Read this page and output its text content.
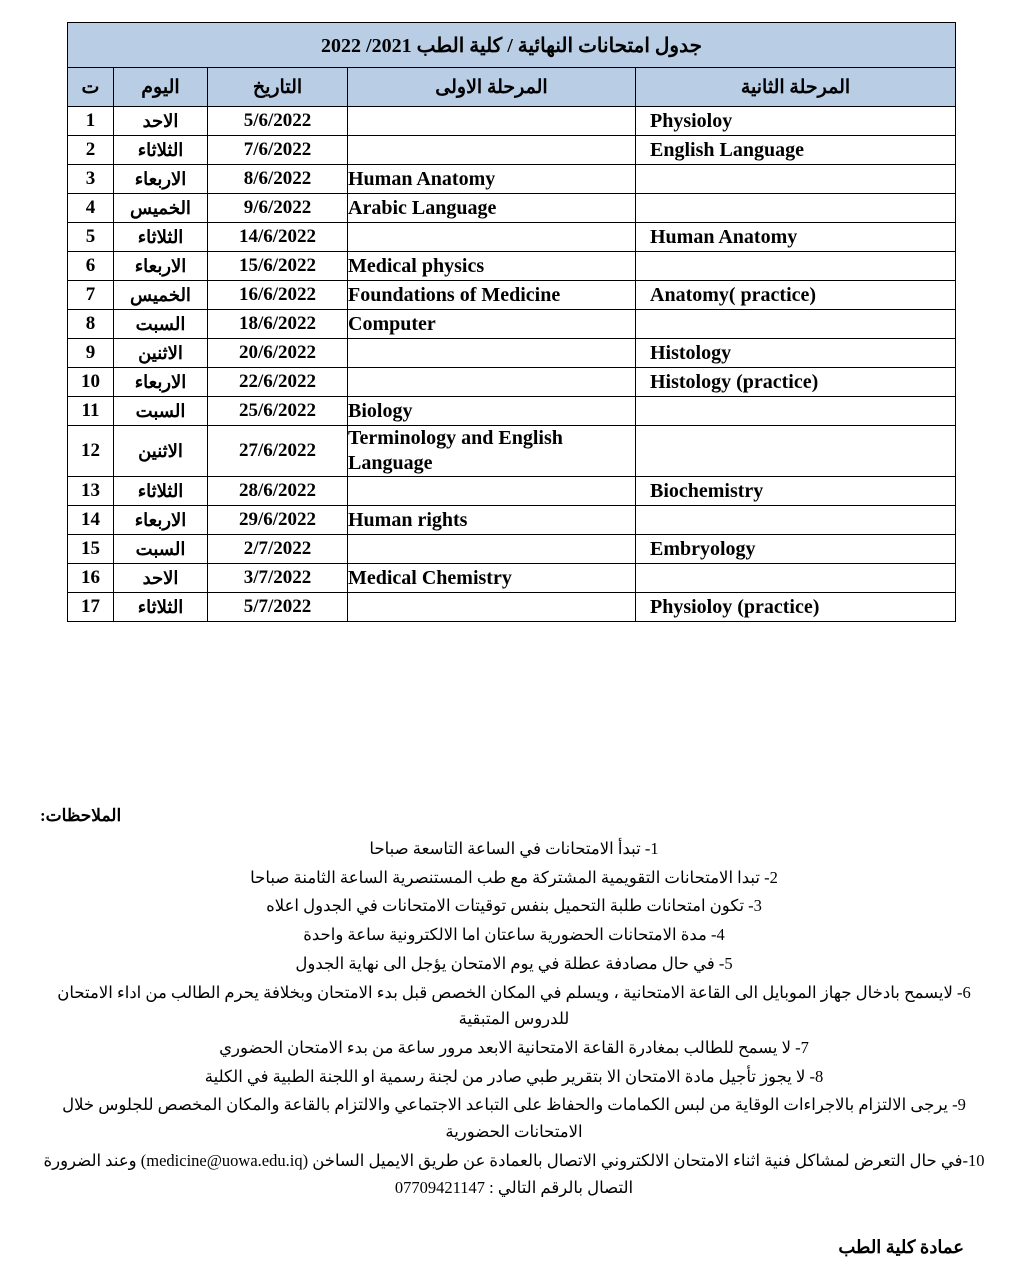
جدول امتحانات النهائية / كلية الطب 2021/ 2022				
المرحلة الثانية	المرحلة الاولى	التاريخ	اليوم	ت
Physioloy		5/6/2022	الاحد	1
English Language		7/6/2022	الثلاثاء	2
	Human Anatomy	8/6/2022	الاربعاء	3
	Arabic Language	9/6/2022	الخميس	4
Human Anatomy		14/6/2022	الثلاثاء	5
	Medical physics	15/6/2022	الاربعاء	6
Anatomy( practice)	Foundations of Medicine	16/6/2022	الخميس	7
	Computer	18/6/2022	السبت	8
Histology		20/6/2022	الاثنين	9
Histology (practice)		22/6/2022	الاربعاء	10
	Biology	25/6/2022	السبت	11
	Terminology and English Language	27/6/2022	الاثنين	12
Biochemistry		28/6/2022	الثلاثاء	13
	Human rights	29/6/2022	الاربعاء	14
Embryology		2/7/2022	السبت	15
	Medical Chemistry	3/7/2022	الاحد	16
Physioloy (practice)		5/7/2022	الثلاثاء	17
الملاحظات:

1- تبدأ الامتحانات في الساعة التاسعة صباحا

2- تبدا الامتحانات التقويمية المشتركة مع طب المستنصرية الساعة الثامنة صباحا

3- تكون امتحانات طلبة التحميل بنفس توقيتات الامتحانات في الجدول اعلاه

4- مدة الامتحانات الحضورية ساعتان اما الالكترونية ساعة واحدة

5- في حال مصادفة عطلة في يوم الامتحان يؤجل الى نهاية الجدول

6- لايسمح بادخال جهاز الموبايل الى القاعة الامتحانية ، ويسلم في المكان الخصص قبل بدء الامتحان وبخلافة يحرم الطالب من اداء الامتحان للدروس المتبقية

7- لا يسمح للطالب بمغادرة القاعة الامتحانية الابعد مرور ساعة من بدء الامتحان الحضوري

8- لا يجوز تأجيل مادة الامتحان الا بتقرير طبي صادر من لجنة رسمية او اللجنة الطبية في الكلية

9- يرجى الالتزام بالاجراءات الوقاية من لبس الكمامات والحفاظ على التباعد الاجتماعي والالتزام بالقاعة والمكان المخصص للجلوس خلال الامتحانات الحضورية

10-في حال التعرض لمشاكل فنية اثناء الامتحان الالكتروني الاتصال بالعمادة عن طريق الايميل الساخن (medicine@uowa.edu.iq) وعند الضرورة التصال بالرقم التالي : 07709421147

عمادة كلية الطب
